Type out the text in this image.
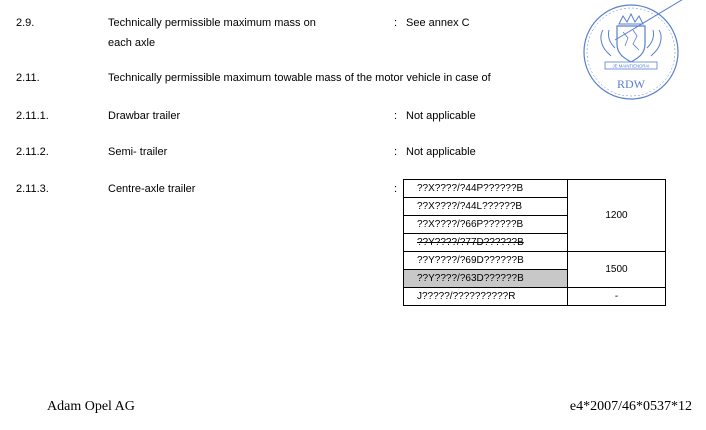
2.9.	Technically permissible maximum mass on
each axle
: See annex C
2.11.	Technically permissible maximum towable mass of the motor vehicle in case of
2.11.1.	Drawbar trailer	: Not applicable
2.11.2.	Semi- trailer	: Not applicable
2.11.3.	Centre-axle trailer	:
JE MAINTIENDRAI
RDW
??X????/?44P??????B	1200
??X????/?44L??????B	
??X????/?66P??????B	
??Y????/?77D??????B	
??Y????/?69D??????B	1500
??Y????/?63D??????B	
J?????/??????????R	-
Adam Opel AG	e4*2007/46*0537*12
